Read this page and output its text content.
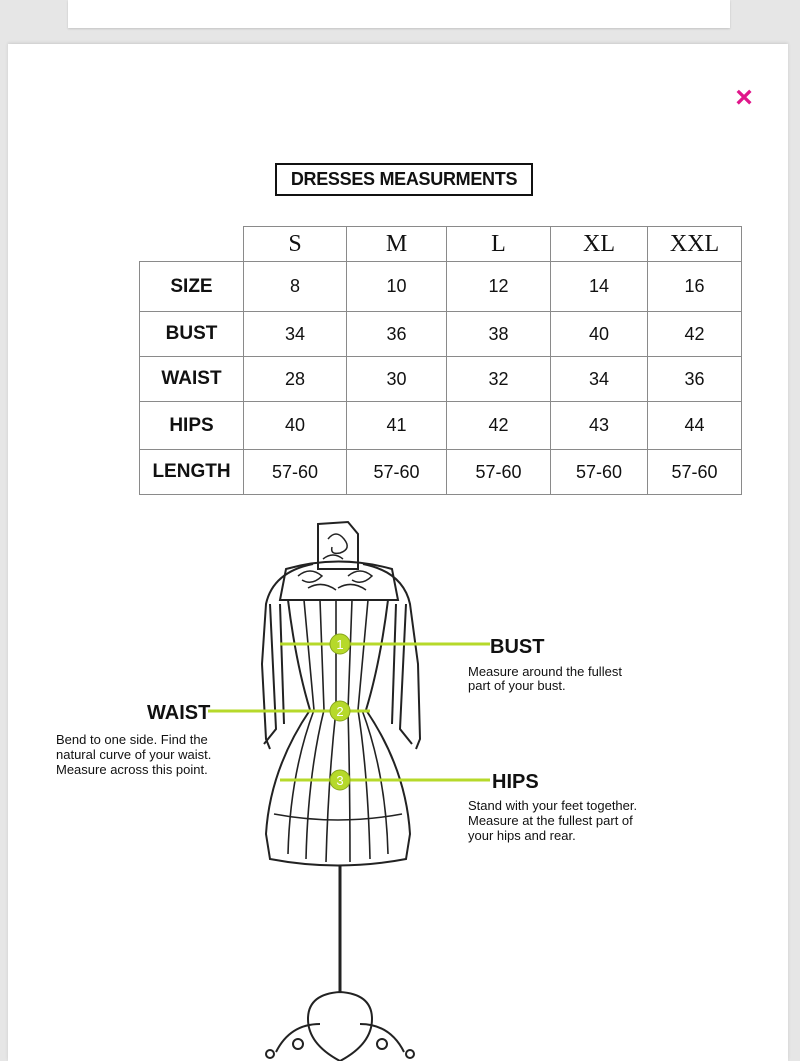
×
DRESSES MEASURMENTS
	S	M	L	XL	XXL
SIZE	8	10	12	14	16
BUST	34	36	38	40	42
WAIST	28	30	32	34	36
HIPS	40	41	42	43	44
LENGTH	57-60	57-60	57-60	57-60	57-60
1	BUST
Measure around the fullest
part of your bust.
2
WAIST
Bend to one side. Find the
natural curve of your waist.
Measure across this point.
3	HIPS
Stand with your feet together.
Measure at the fullest part of
your hips and rear.
